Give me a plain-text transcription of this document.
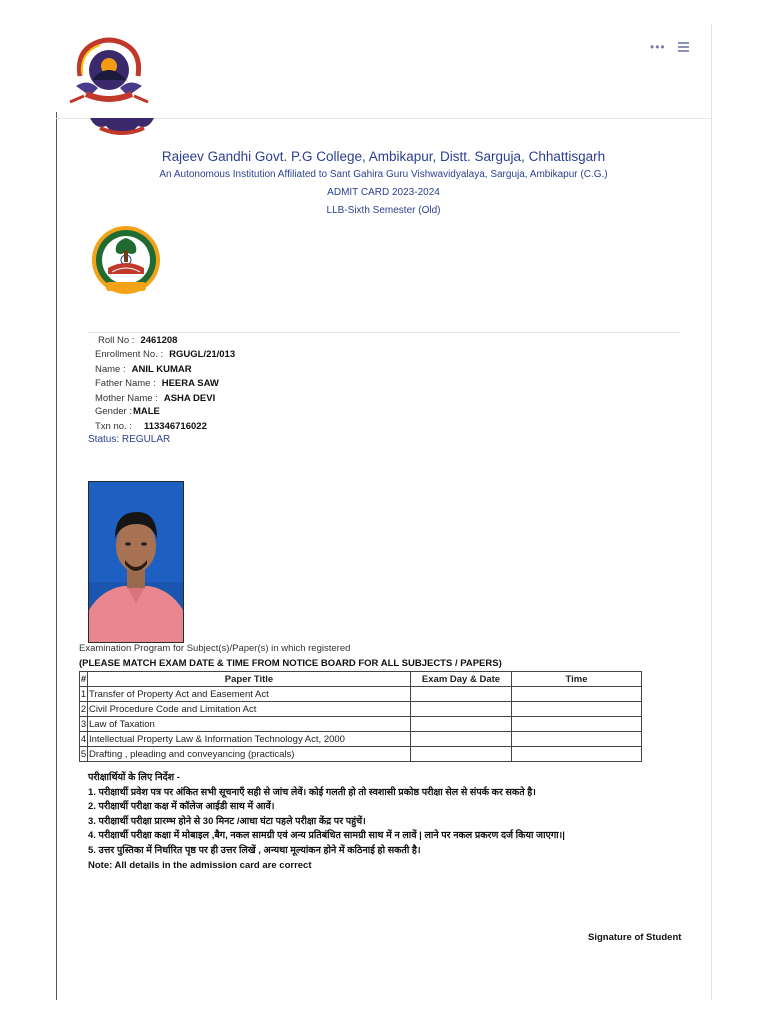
•••
Rajeev Gandhi Govt. P.G College, Ambikapur, Distt. Sarguja, Chhattisgarh
An Autonomous Institution Affiliated to Sant Gahira Guru Vishwavidyalaya, Sarguja, Ambikapur (C.G.)
ADMIT CARD 2023-2024
LLB-Sixth Semester (Old)
Roll No : 2461208
Enrollment No. : RGUGL/21/013
Name : ANIL KUMAR
Father Name : HEERA SAW
Mother Name : ASHA DEVI
Gender :MALE
Txn no. : 113346716022
Status: REGULAR
Examination Program for Subject(s)/Paper(s) in which registered
(PLEASE MATCH EXAM DATE & TIME FROM NOTICE BOARD FOR ALL SUBJECTS / PAPERS)
#	Paper Title	Exam Day & Date	Time
1	Transfer of Property Act and Easement Act		
2	Civil Procedure Code and Limitation Act		
3	Law of Taxation		
4	Intellectual Property Law & Information Technology Act, 2000		
5	Drafting , pleading and conveyancing (practicals)		
परीक्षार्थियों के लिए निर्देश -
1. परीक्षार्थी प्रवेश पत्र पर अंकित सभी सूचनाएँ सही से जांच लेवें। कोई गलती हो तो स्वशासी प्रकोष्ठ परीक्षा सेल से संपर्क कर सकते है।
2. परीक्षार्थी परीक्षा कक्ष में कॉलेज आईडी साथ में आवें।
3. परीक्षार्थी परीक्षा प्रारम्भ होने से 30 मिनट /आधा घंटा पहले परीक्षा केंद्र पर पहुंचें।
4. परीक्षार्थी परीक्षा कक्षा में मोबाइल ,बैग, नकल सामग्री एवं अन्य प्रतिबंधित सामग्री साथ में न लावें | लाने पर नकल प्रकरण दर्ज किया जाएगा।|
5. उत्तर पुस्तिका में निर्धारित पृष्ठ पर ही उत्तर लिखें , अन्यथा मूल्यांकन होने में कठिनाई हो सकती है।
Note: All details in the admission card are correct
Signature of Student
